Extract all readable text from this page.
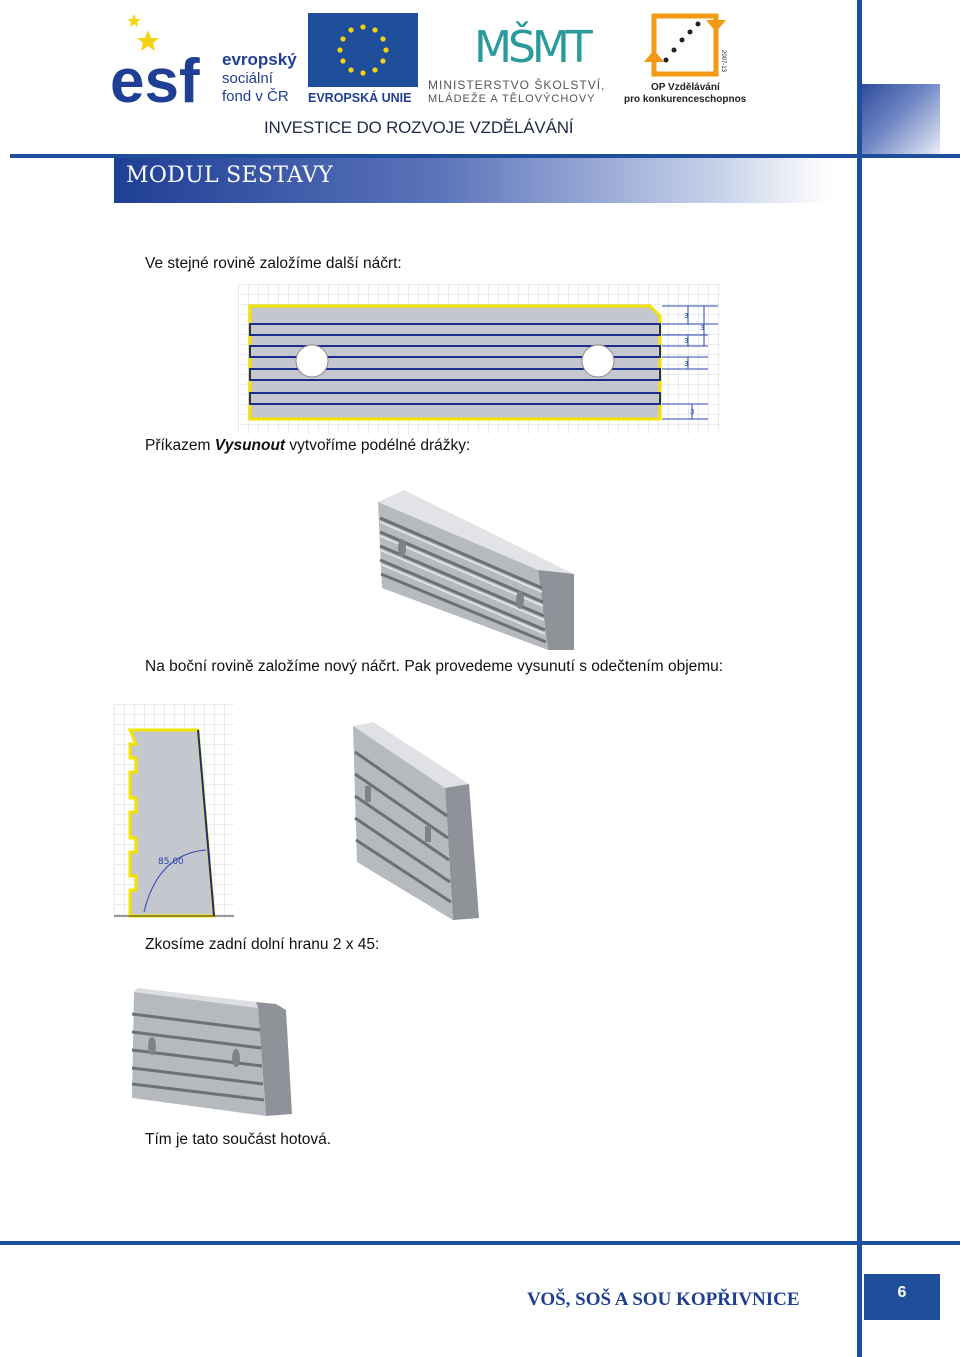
esf evropský
sociální
fond v ČR EVROPSKÁ UNIE
MŠMT
MINISTERSTVO ŠKOLSTVÍ,
MLÁDEŽE A TĚLOVÝCHOVY
OP Vzdělávání
pro konkurenceschopnost
2007-13
INVESTICE DO ROZVOJE VZDĚLÁVÁNÍ
MODUL SESTAVY
Ve stejné rovině založíme další náčrt:
3
3
3
3
3
Příkazem Vysunout vytvoříme podélné drážky:
Na boční rovině založíme nový náčrt. Pak provedeme vysunutí s odečtením objemu:
85,00
Zkosíme zadní dolní hranu 2 x 45:
Tím je tato součást hotová.
VOŠ, SOŠ A SOU KOPŘIVNICE	6
